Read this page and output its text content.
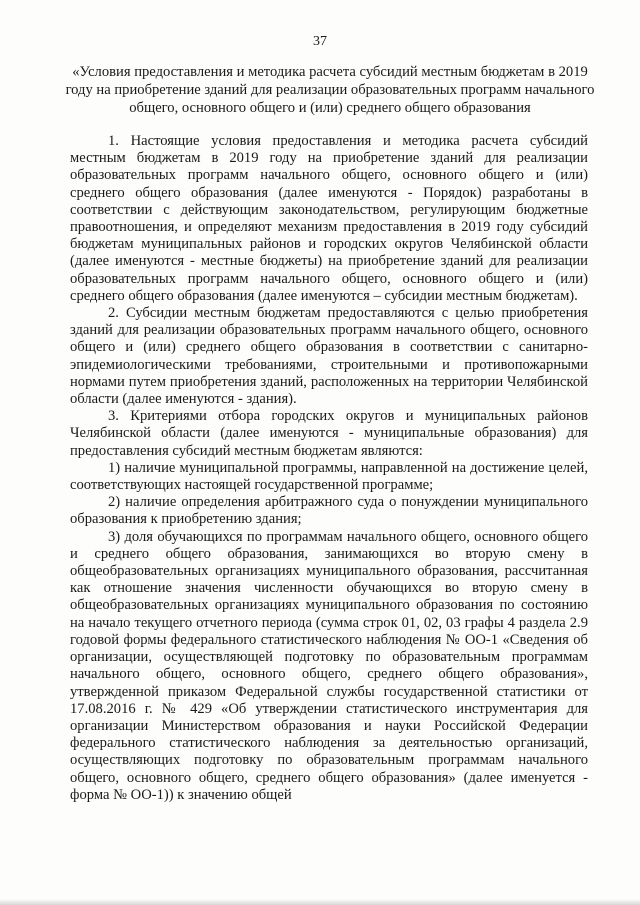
37
«Условия предоставления и методика расчета субсидий местным бюджетам в 2019 году на приобретение зданий для реализации образовательных программ начального общего, основного общего и (или) среднего общего образования

1. Настоящие условия предоставления и методика расчета субсидий местным бюджетам в 2019 году на приобретение зданий для реализации образовательных программ начального общего, основного общего и (или) среднего общего образования (далее именуются - Порядок) разработаны в соответствии с действующим законодательством, регулирующим бюджетные правоотношения, и определяют механизм предоставления в 2019 году субсидий бюджетам муниципальных районов и городских округов Челябинской области (далее именуются - местные бюджеты) на приобретение зданий для реализации образовательных программ начального общего, основного общего и (или) среднего общего образования (далее именуются – субсидии местным бюджетам).

2. Субсидии местным бюджетам предоставляются с целью приобретения зданий для реализации образовательных программ начального общего, основного общего и (или) среднего общего образования в соответствии с санитарно-эпидемиологическими требованиями, строительными и противопожарными нормами путем приобретения зданий, расположенных на территории Челябинской области (далее именуются - здания).

3. Критериями отбора городских округов и муниципальных районов Челябинской области (далее именуются - муниципальные образования) для предоставления субсидий местным бюджетам являются:

1) наличие муниципальной программы, направленной на достижение целей, соответствующих настоящей государственной программе;

2) наличие определения арбитражного суда о понуждении муниципального образования к приобретению здания;

3) доля обучающихся по программам начального общего, основного общего и среднего общего образования, занимающихся во вторую смену в общеобразовательных организациях муниципального образования, рассчитанная как отношение значения численности обучающихся во вторую смену в общеобразовательных организациях муниципального образования по состоянию на начало текущего отчетного периода (сумма строк 01, 02, 03 графы 4 раздела 2.9 годовой формы федерального статистического наблюдения № ОО-1 «Сведения об организации, осуществляющей подготовку по образовательным программам начального общего, основного общего, среднего общего образования», утвержденной приказом Федеральной службы государственной статистики от 17.08.2016 г. № 429 «Об утверждении статистического инструментария для организации Министерством образования и науки Российской Федерации федерального статистического наблюдения за деятельностью организаций, осуществляющих подготовку по образовательным программам начального общего, основного общего, среднего общего образования» (далее именуется - форма № ОО-1)) к значению общей
